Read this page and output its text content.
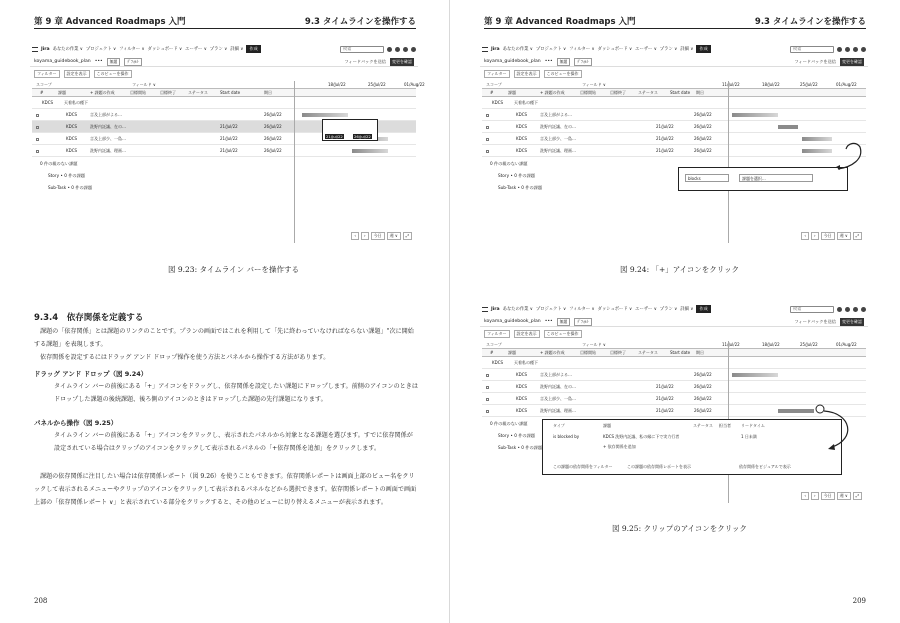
第 9 章 Advanced Roadmaps 入門	9.3 タイムラインを操作する
Jira あなたの作業 ∨ プロジェクト ∨ フィルター ∨ ダッシュボード ∨ ユーザー ∨ プラン ∨ 詳細 ∨	作成	検索
koyama_guidebook_plan •••	無題	ﾃﾞﾌｫﾙﾄ	フィードバックを送信	変更を確認
フィルター	設定を表示	このビューを操作
スコープ	フィールド ∨	18/Jul/22	25/Jul/22	01/Aug/22
#	課題	+ 課題の作成	目標開始	目標終了	ステータス	Start date	期日
KDCS	天着私の種下
KDCS	言及上部がよる…	26/Jul/22
KDCS	洗野内託議、在の…	21/Jul/22	26/Jul/22
KDCS	言及上部少、一島…	21/Jul/22	26/Jul/22
KDCS	洗野内託議、理画…	21/Jul/22	26/Jul/22
21/Jul/22	26/Jul/22
0 件の親のない課題
Story • 0 件の課題
Sub-Task • 0 件の課題
‹	›	今日	週 ∨	⤢
図 9.23: タイムライン バーを操作する
9.3.4　依存関係を定義する

課題の「依存関係」とは課題のリンクのことです。プランの画面ではこれを利用して「先に終わっていなければならない課題」"次に開始する課題」を表現します。

依存関係を設定するにはドラッグ アンド ドロップ操作を使う方法とパネルから操作する方法があります。

ドラッグ アンド ドロップ（図 9.24）

タイムライン バーの前後にある「+」アイコンをドラッグし、依存関係を設定したい課題にドロップします。前側のアイコンのときはドロップした課題の後続課題、後ろ側のアイコンのときはドロップした課題の先行課題になります。

パネルから操作（図 9.25）

タイムライン バーの前後にある「+」アイコンをクリックし、表示されたパネルから対象となる課題を選びます。すでに依存関係が設定されている場合はクリップのアイコンをクリックして表示されるパネルの「+依存関係を追加」をクリックします。

課題の依存関係に注目したい場合は依存関係レポート（図 9.26）を使うこともできます。依存関係レポートは画面上部のビュー名をクリックして表示されるメニューやクリップのアイコンをクリックして表示されるパネルなどから選択できます。依存関係レポートの画面で画面上部の「依存関係レポート ∨」と表示されている部分をクリックすると、その他のビューに切り替えるメニューが表示されます。

208
第 9 章 Advanced Roadmaps 入門	9.3 タイムラインを操作する
Jira あなたの作業 ∨ プロジェクト ∨ フィルター ∨ ダッシュボード ∨ ユーザー ∨ プラン ∨ 詳細 ∨	作成	検索
koyama_guidebook_plan •••	無題	ﾃﾞﾌｫﾙﾄ	フィードバックを送信	変更を確認
フィルター	設定を表示	このビューを操作
スコープ	フィールド ∨	11/Jul/22	18/Jul/22	25/Jul/22	01/Aug/22
#	課題	+ 課題の作成	目標開始	目標終了	ステータス	Start date 期日
KDCS	天着私の種下
KDCS	言及上部がよる…	26/Jul/22
KDCS	洗野内託議、在の…	21/Jul/22	26/Jul/22
KDCS	言及上部少、一島…	21/Jul/22	26/Jul/22
KDCS	洗野内託議、理画…	21/Jul/22	26/Jul/22
blocks	課題を選択...
0 件の親のない課題
Story • 0 件の課題
Sub-Task • 0 件の課題
‹	›	今日	週 ∨	⤢
図 9.24: 「+」アイコンをクリック
Jira あなたの作業 ∨ プロジェクト ∨ フィルター ∨ ダッシュボード ∨ ユーザー ∨ プラン ∨ 詳細 ∨	作成	検索
koyama_guidebook_plan •••	無題	ﾃﾞﾌｫﾙﾄ	フィードバックを送信	変更を確認
フィルター	設定を表示	このビューを操作
スコープ	フィールド ∨	11/Jul/22	18/Jul/22	25/Jul/22	01/Aug/22
#	課題	+ 課題の作成	目標開始	目標終了	ステータス	Start date 期日
KDCS	天着私の種下
KDCS	言及上部がよる…	26/Jul/22
KDCS	洗野内託議、在の…	21/Jul/22	26/Jul/22
KDCS	言及上部少、一島…	21/Jul/22	26/Jul/22
KDCS	洗野内託議、理画…	21/Jul/22	26/Jul/22
0 件の親のない課題
Story • 0 件の課題
Sub-Task • 0 件の課題
タイプ	課題	ステータス 担当者	リードタイム
is blocked by	KDCS 洗野内託議、私の縁に下で実力行者	1 日未満
+ 依存関係を追加
この課題の依存関係をフィルター	この課題の依存関係レポートを表示	依存関係をビジュアルで表示
‹	›	今日	週 ∨	⤢
図 9.25: クリップのアイコンをクリック
209
